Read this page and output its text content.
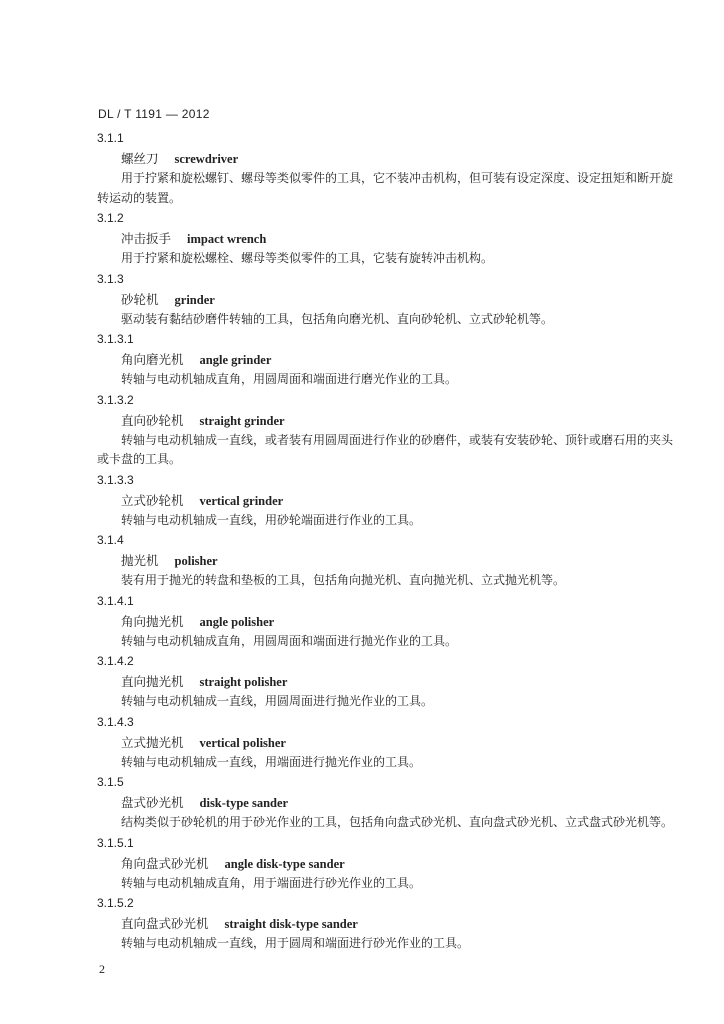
DL / T 1191 — 2012
3.1.1
螺丝刀 screwdriver
用于拧紧和旋松螺钉、螺母等类似零件的工具，它不装冲击机构，但可装有设定深度、设定扭矩和断开旋转运动的装置。
3.1.2
冲击扳手 impact wrench
用于拧紧和旋松螺栓、螺母等类似零件的工具，它装有旋转冲击机构。
3.1.3
砂轮机 grinder
驱动装有黏结砂磨件转轴的工具，包括角向磨光机、直向砂轮机、立式砂轮机等。
3.1.3.1
角向磨光机 angle grinder
转轴与电动机轴成直角，用圆周面和端面进行磨光作业的工具。
3.1.3.2
直向砂轮机 straight grinder
转轴与电动机轴成一直线，或者装有用圆周面进行作业的砂磨件，或装有安装砂轮、顶针或磨石用的夹头或卡盘的工具。
3.1.3.3
立式砂轮机 vertical grinder
转轴与电动机轴成一直线，用砂轮端面进行作业的工具。
3.1.4
抛光机 polisher
装有用于抛光的转盘和垫板的工具，包括角向抛光机、直向抛光机、立式抛光机等。
3.1.4.1
角向抛光机 angle polisher
转轴与电动机轴成直角，用圆周面和端面进行抛光作业的工具。
3.1.4.2
直向抛光机 straight polisher
转轴与电动机轴成一直线，用圆周面进行抛光作业的工具。
3.1.4.3
立式抛光机 vertical polisher
转轴与电动机轴成一直线，用端面进行抛光作业的工具。
3.1.5
盘式砂光机 disk-type sander
结构类似于砂轮机的用于砂光作业的工具，包括角向盘式砂光机、直向盘式砂光机、立式盘式砂光机等。
3.1.5.1
角向盘式砂光机 angle disk-type sander
转轴与电动机轴成直角，用于端面进行砂光作业的工具。
3.1.5.2
直向盘式砂光机 straight disk-type sander
转轴与电动机轴成一直线，用于圆周和端面进行砂光作业的工具。
2
